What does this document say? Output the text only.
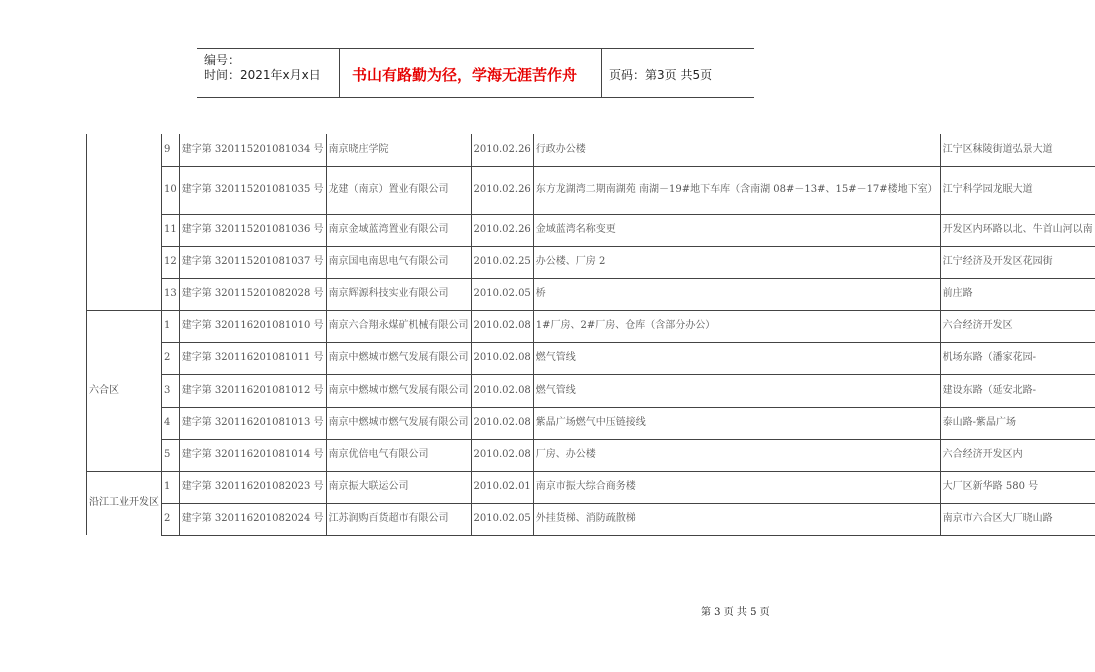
编号：
时间：2021年x月x日 书山有路勤为径，学海无涯苦作舟	页码：第3页 共5页
	9	建字第 320115201081034 号	南京晓庄学院	2010.02.26	行政办公楼	江宁区秣陵街道弘景大道
	10	建字第 320115201081035 号	龙建（南京）置业有限公司	2010.02.26	东方龙湖湾二期南湖苑 南湖－19#地下车库（含南湖 08#－13#、15#－17#楼地下室）	江宁科学园龙眠大道
	11	建字第 320115201081036 号	南京金域蓝湾置业有限公司	2010.02.26	金域蓝湾名称变更	开发区内环路以北、牛首山河以南
	12	建字第 320115201081037 号	南京国电南思电气有限公司	2010.02.25	办公楼、厂房 2	江宁经济及开发区花园街
	13	建字第 320115201082028 号	南京辉源科技实业有限公司	2010.02.05	桥	前庄路
六合区	1	建字第 320116201081010 号	南京六合翔永煤矿机械有限公司	2010.02.08	1#厂房、2#厂房、仓库（含部分办公）	六合经济开发区
	2	建字第 320116201081011 号	南京中燃城市燃气发展有限公司	2010.02.08	燃气管线	机场东路（潘家花园-
	3	建字第 320116201081012 号	南京中燃城市燃气发展有限公司	2010.02.08	燃气管线	建设东路（延安北路-
	4	建字第 320116201081013 号	南京中燃城市燃气发展有限公司	2010.02.08	紫晶广场燃气中压链接线	泰山路-紫晶广场
	5	建字第 320116201081014 号	南京优倍电气有限公司	2010.02.08	厂房、办公楼	六合经济开发区内
沿江工业开发区	1	建字第 320116201082023 号	南京振大联运公司	2010.02.01	南京市振大综合商务楼	大厂区新华路 580 号
	2	建字第 320116201082024 号	江苏润购百货超市有限公司	2010.02.05	外挂货梯、消防疏散梯	南京市六合区大厂晓山路
第 3 页 共 5 页
